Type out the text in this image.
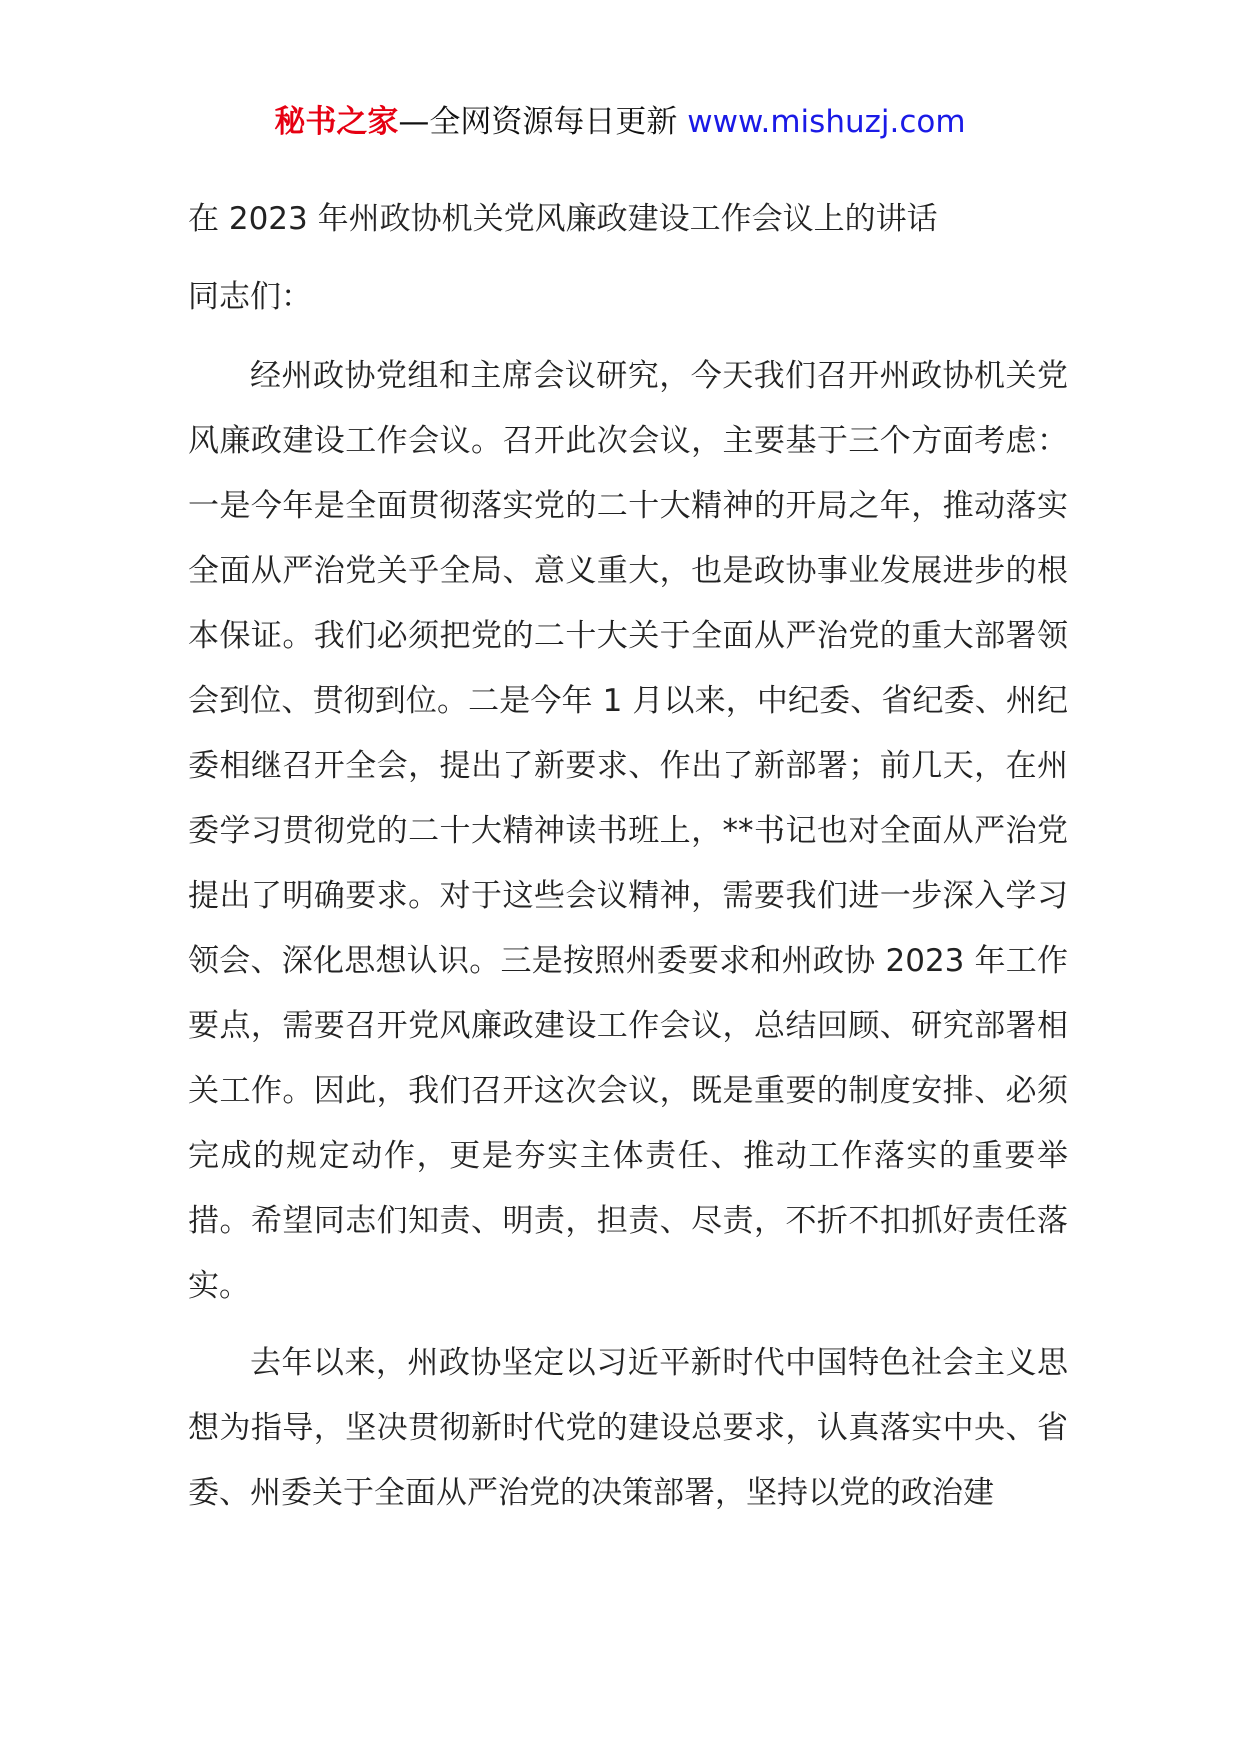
秘书之家—全网资源每日更新 www.mishuzj.com
在 2023 年州政协机关党风廉政建设工作会议上的讲话

同志们：

经州政协党组和主席会议研究，今天我们召开州政协机关党风廉政建设工作会议。召开此次会议，主要基于三个方面考虑：一是今年是全面贯彻落实党的二十大精神的开局之年，推动落实全面从严治党关乎全局、意义重大，也是政协事业发展进步的根本保证。我们必须把党的二十大关于全面从严治党的重大部署领会到位、贯彻到位。二是今年 1 月以来，中纪委、省纪委、州纪委相继召开全会，提出了新要求、作出了新部署；前几天，在州委学习贯彻党的二十大精神读书班上，**书记也对全面从严治党提出了明确要求。对于这些会议精神，需要我们进一步深入学习领会、深化思想认识。三是按照州委要求和州政协 2023 年工作要点，需要召开党风廉政建设工作会议，总结回顾、研究部署相关工作。因此，我们召开这次会议，既是重要的制度安排、必须完成的规定动作，更是夯实主体责任、推动工作落实的重要举措。希望同志们知责、明责，担责、尽责，不折不扣抓好责任落实。

去年以来，州政协坚定以习近平新时代中国特色社会主义思想为指导，坚决贯彻新时代党的建设总要求，认真落实中央、省委、州委关于全面从严治党的决策部署，坚持以党的政治建
